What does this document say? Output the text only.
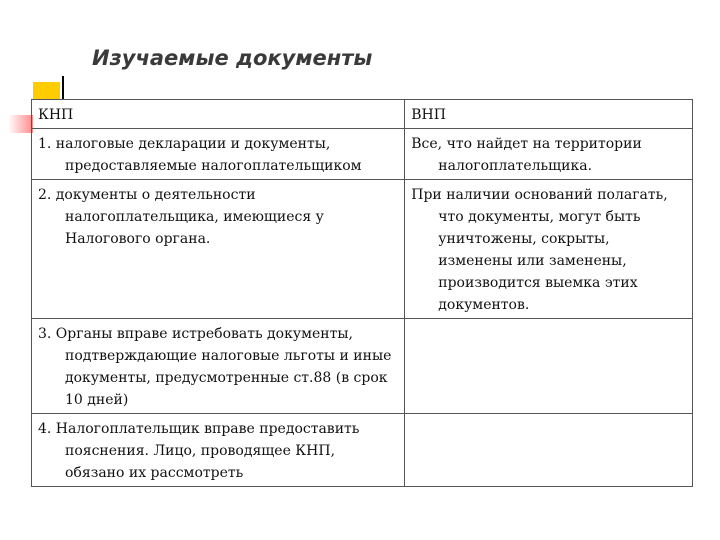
Изучаемые документы
КНП	ВНП

1. налоговые декларации и документы, предоставляемые налогоплательщиком	Все, что найдет на территории налогоплательщика.

2. документы о деятельности налогоплательщика, имеющиеся у Налогового органа.	При наличии оснований полагать, что документы, могут быть уничтожены, сокрыты, изменены или заменены, производится выемка этих документов.

3. Органы вправе истребовать документы, подтверждающие налоговые льготы и иные документы, предусмотренные ст.88 (в срок 10 дней)	

4. Налогоплательщик вправе предоставить пояснения. Лицо, проводящее КНП, обязано их рассмотреть	
